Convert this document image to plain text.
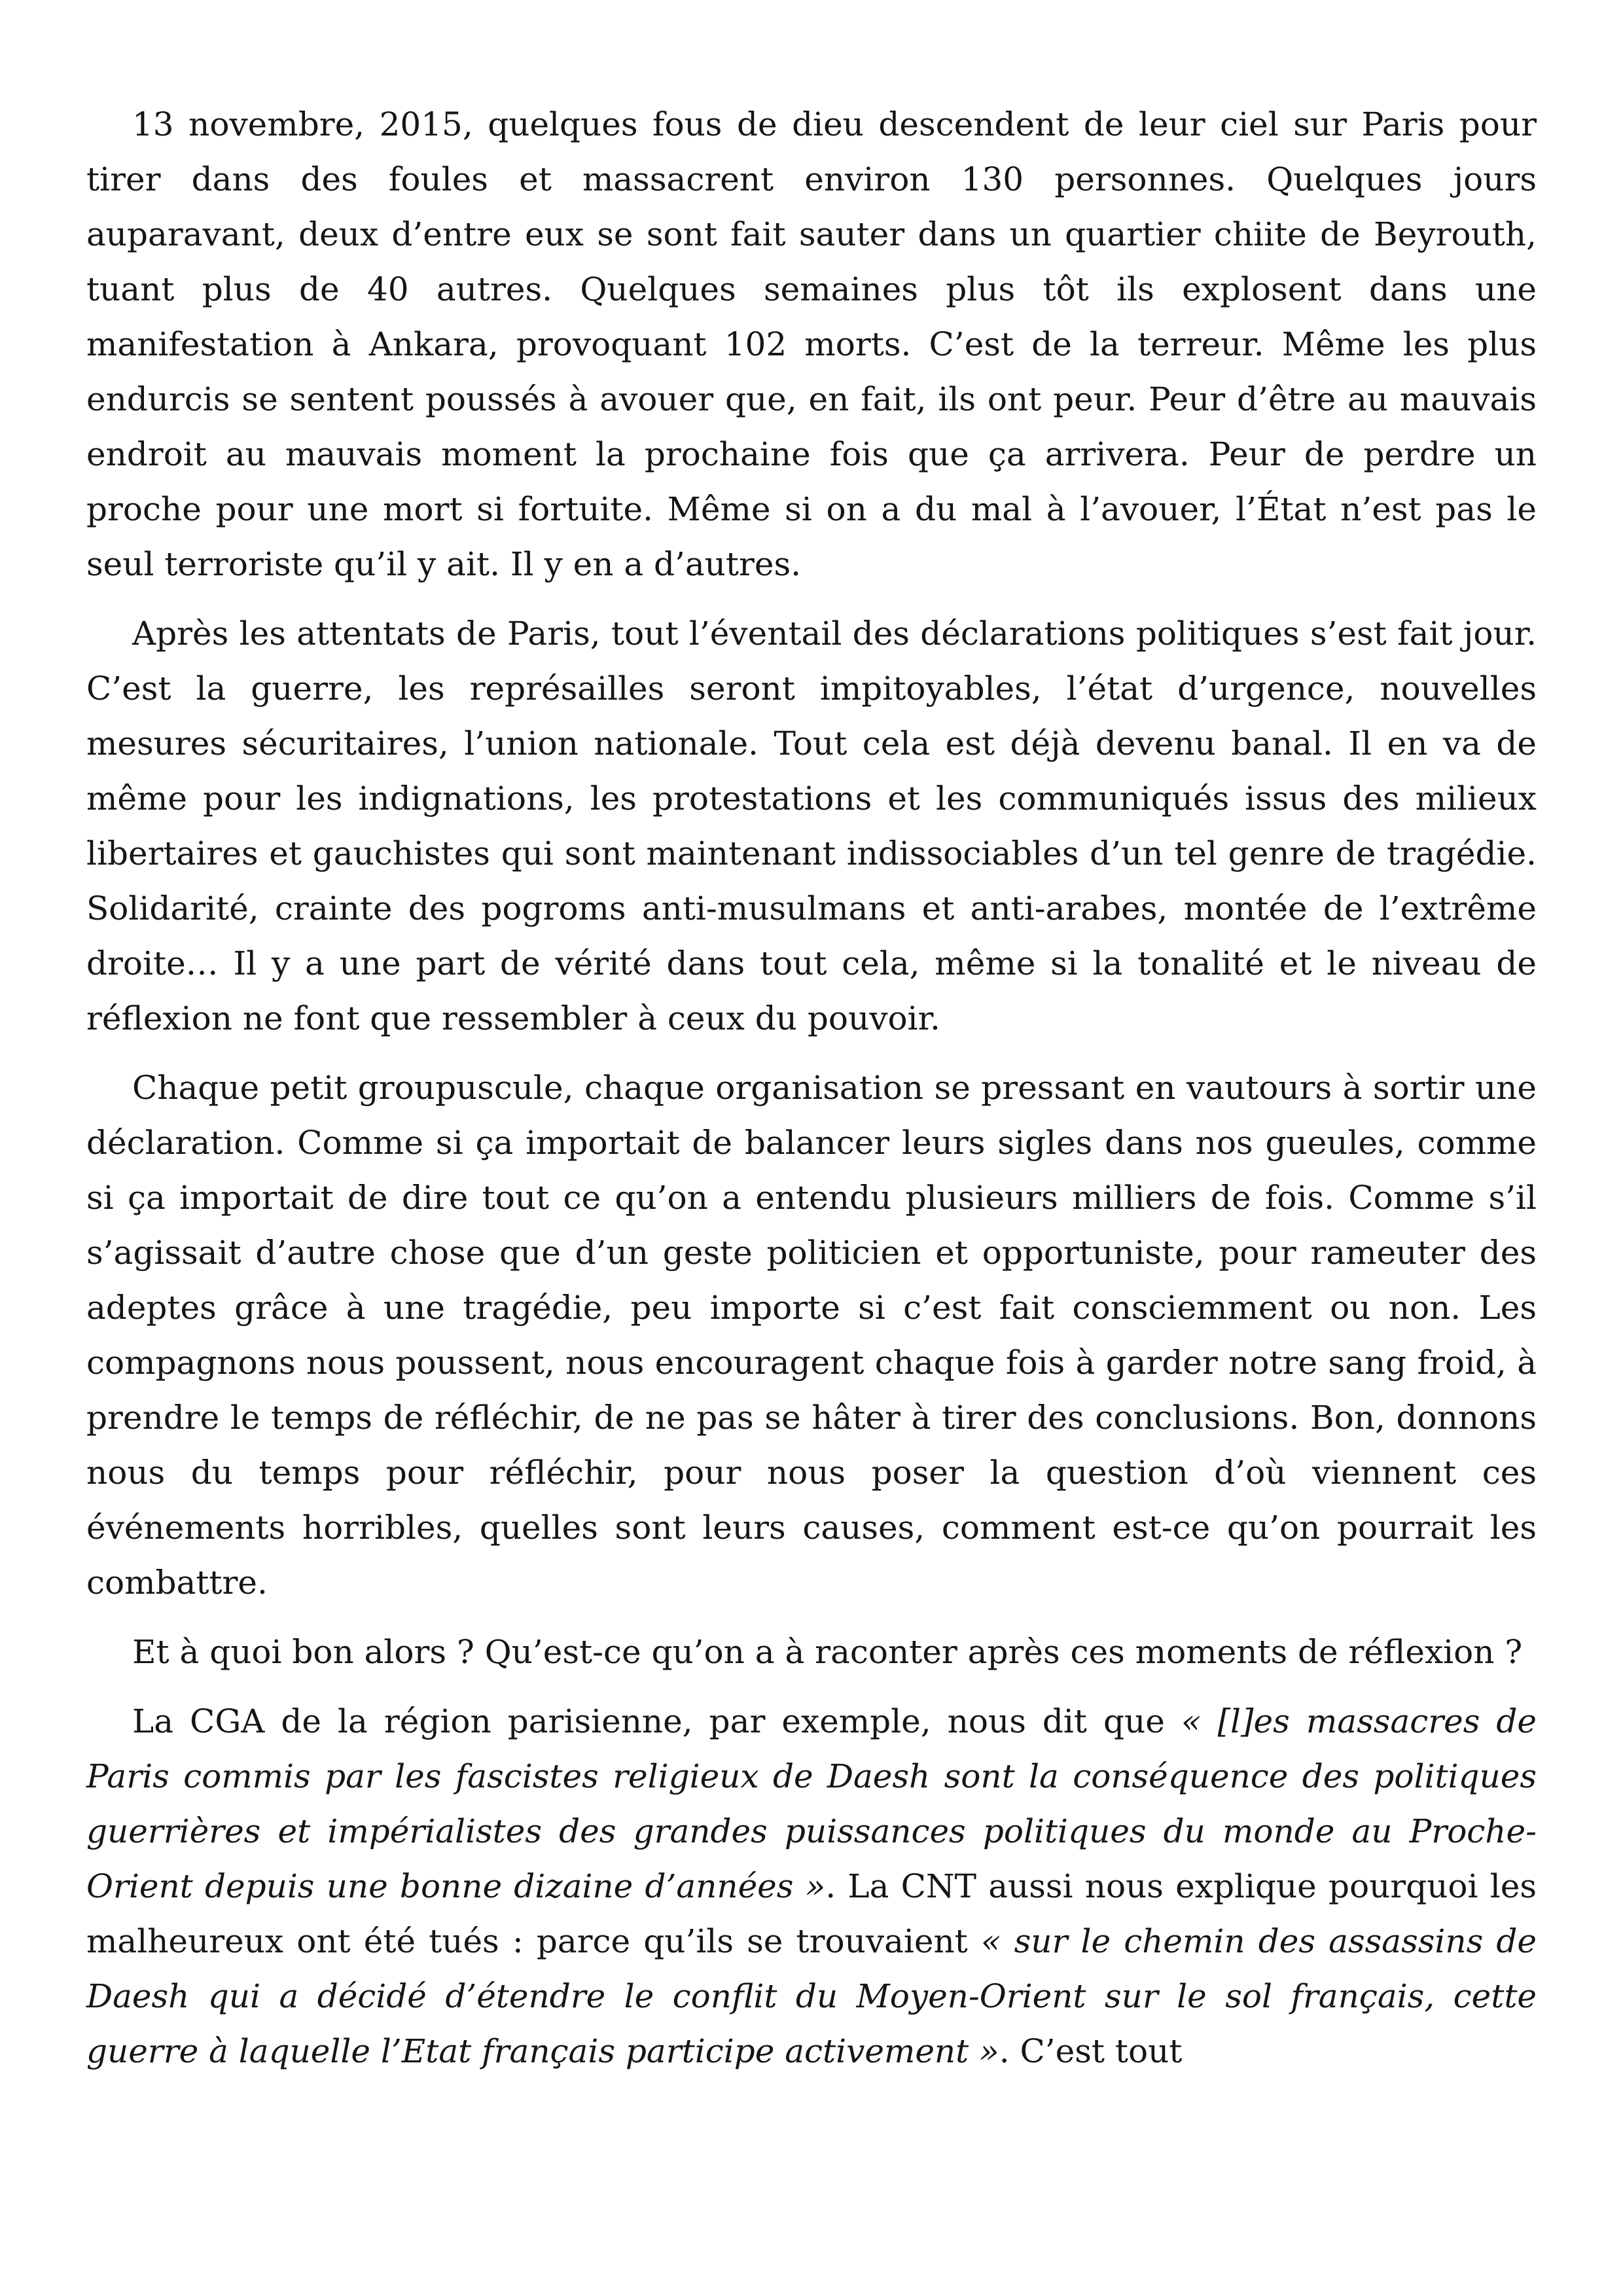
13 novembre, 2015, quelques fous de dieu descendent de leur ciel sur Paris pour tirer dans des foules et massacrent environ 130 personnes. Quelques jours auparavant, deux d’entre eux se sont fait sauter dans un quartier chiite de Beyrouth, tuant plus de 40 autres. Quelques semaines plus tôt ils explosent dans une manifestation à Ankara, provoquant 102 morts. C’est de la terreur. Même les plus endurcis se sentent poussés à avouer que, en fait, ils ont peur. Peur d’être au mauvais endroit au mauvais moment la prochaine fois que ça arrivera. Peur de perdre un proche pour une mort si fortuite. Même si on a du mal à l’avouer, l’État n’est pas le seul terroriste qu’il y ait. Il y en a d’autres.

Après les attentats de Paris, tout l’éventail des déclarations politiques s’est fait jour. C’est la guerre, les représailles seront impitoyables, l’état d’urgence, nouvelles mesures sécuritaires, l’union nationale. Tout cela est déjà devenu banal. Il en va de même pour les indignations, les protestations et les communiqués issus des milieux libertaires et gauchistes qui sont maintenant indissociables d’un tel genre de tragédie. Solidarité, crainte des pogroms anti-musulmans et anti-arabes, montée de l’extrême droite… Il y a une part de vérité dans tout cela, même si la tonalité et le niveau de réflexion ne font que ressembler à ceux du pouvoir.

Chaque petit groupuscule, chaque organisation se pressant en vautours à sortir une déclaration. Comme si ça importait de balancer leurs sigles dans nos gueules, comme si ça importait de dire tout ce qu’on a entendu plusieurs milliers de fois. Comme s’il s’agissait d’autre chose que d’un geste politicien et opportuniste, pour rameuter des adeptes grâce à une tragédie, peu importe si c’est fait consciemment ou non. Les compagnons nous poussent, nous encouragent chaque fois à garder notre sang froid, à prendre le temps de réfléchir, de ne pas se hâter à tirer des conclusions. Bon, donnons nous du temps pour réfléchir, pour nous poser la question d’où viennent ces événements horribles, quelles sont leurs causes, comment est-ce qu’on pourrait les combattre.

Et à quoi bon alors ? Qu’est-ce qu’on a à raconter après ces moments de réflexion ?

La CGA de la région parisienne, par exemple, nous dit que « [l]es massacres de Paris commis par les fascistes religieux de Daesh sont la conséquence des politiques guerrières et impérialistes des grandes puissances politiques du monde au Proche-Orient depuis une bonne dizaine d’années ». La CNT aussi nous explique pourquoi les malheureux ont été tués : parce qu’ils se trouvaient « sur le chemin des assassins de Daesh qui a décidé d’étendre le conflit du Moyen-Orient sur le sol français, cette guerre à laquelle l’Etat français participe activement ». C’est tout
